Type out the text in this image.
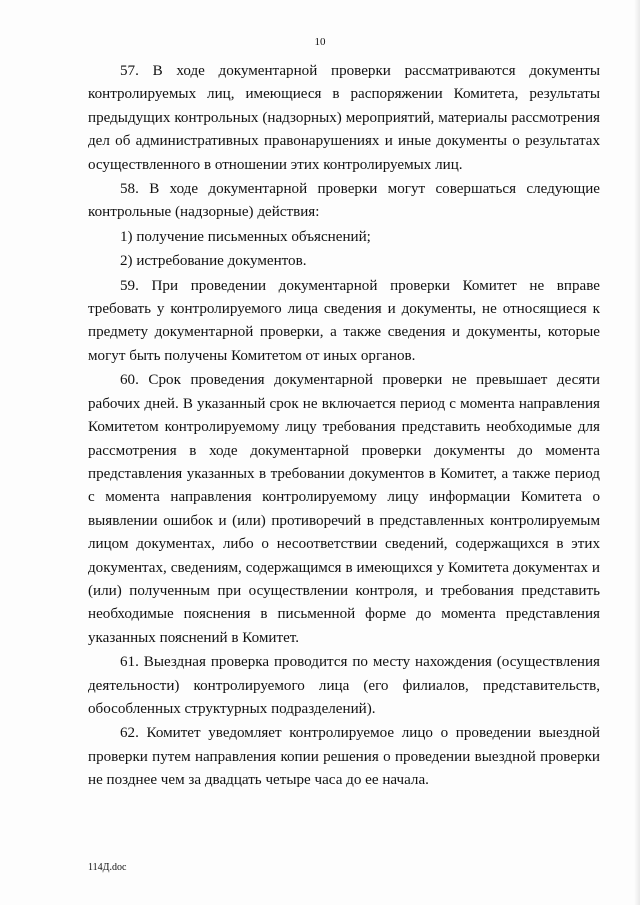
10

57. В ходе документарной проверки рассматриваются документы контролируемых лиц, имеющиеся в распоряжении Комитета, результаты предыдущих контрольных (надзорных) мероприятий, материалы рассмотрения дел об административных правонарушениях и иные документы о результатах осуществленного в отношении этих контролируемых лиц.

58. В ходе документарной проверки могут совершаться следующие контрольные (надзорные) действия:

1) получение письменных объяснений;

2) истребование документов.

59. При проведении документарной проверки Комитет не вправе требовать у контролируемого лица сведения и документы, не относящиеся к предмету документарной проверки, а также сведения и документы, которые могут быть получены Комитетом от иных органов.

60. Срок проведения документарной проверки не превышает десяти рабочих дней. В указанный срок не включается период с момента направления Комитетом контролируемому лицу требования представить необходимые для рассмотрения в ходе документарной проверки документы до момента представления указанных в требовании документов в Комитет, а также период с момента направления контролируемому лицу информации Комитета о выявлении ошибок и (или) противоречий в представленных контролируемым лицом документах, либо о несоответствии сведений, содержащихся в этих документах, сведениям, содержащимся в имеющихся у Комитета документах и (или) полученным при осуществлении контроля, и требования представить необходимые пояснения в письменной форме до момента представления указанных пояснений в Комитет.

61. Выездная проверка проводится по месту нахождения (осуществления деятельности) контролируемого лица (его филиалов, представительств, обособленных структурных подразделений).

62. Комитет уведомляет контролируемое лицо о проведении выездной проверки путем направления копии решения о проведении выездной проверки не позднее чем за двадцать четыре часа до ее начала.

114Д.doc
